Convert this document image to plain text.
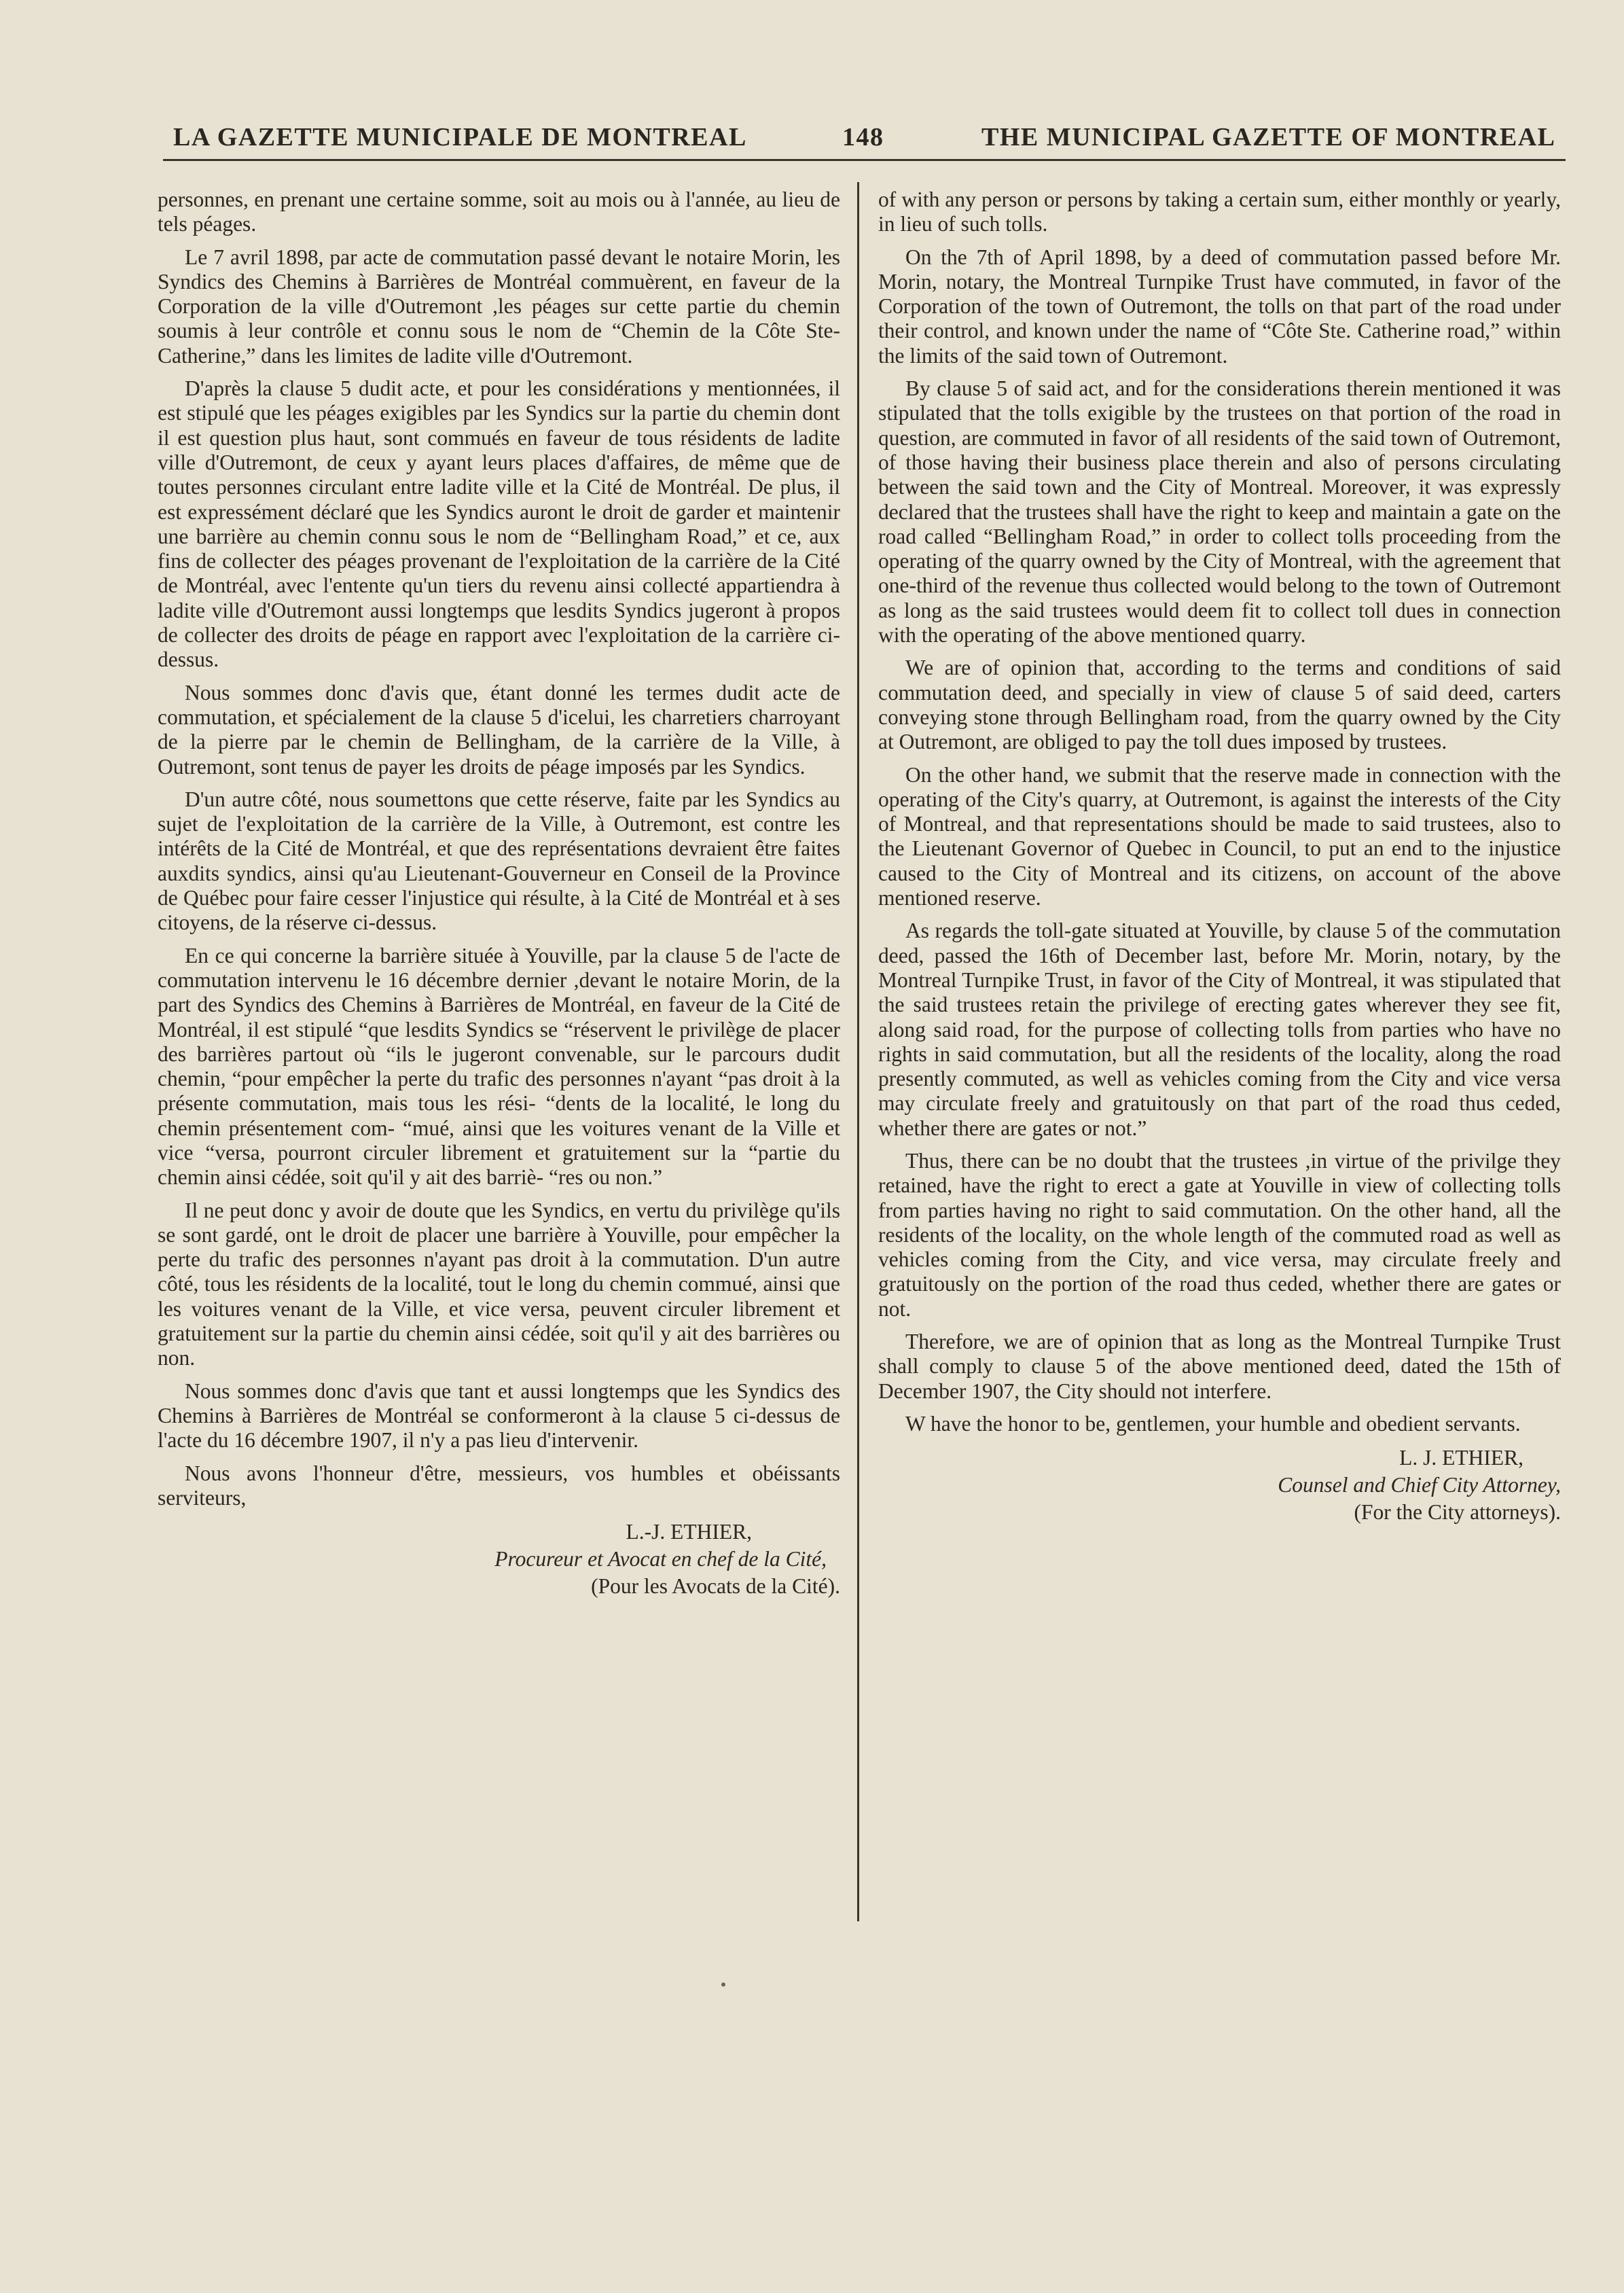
LA GAZETTE MUNICIPALE DE MONTREAL	148	THE MUNICIPAL GAZETTE OF MONTREAL

personnes, en prenant une certaine somme, soit au mois ou à l'année, au lieu de tels péages.

Le 7 avril 1898, par acte de commutation passé devant le notaire Morin, les Syndics des Chemins à Barrières de Montréal commuèrent, en faveur de la Corporation de la ville d'Outremont ,les péages sur cette partie du chemin soumis à leur contrôle et connu sous le nom de “Chemin de la Côte Ste-Catherine,” dans les limites de ladite ville d'Outremont.

D'après la clause 5 dudit acte, et pour les considérations y mentionnées, il est stipulé que les péages exigibles par les Syndics sur la partie du chemin dont il est question plus haut, sont commués en faveur de tous résidents de ladite ville d'Outremont, de ceux y ayant leurs places d'affaires, de même que de toutes personnes circulant entre ladite ville et la Cité de Montréal. De plus, il est expressément déclaré que les Syndics auront le droit de garder et maintenir une barrière au chemin connu sous le nom de “Bellingham Road,” et ce, aux fins de collecter des péages provenant de l'exploitation de la carrière de la Cité de Montréal, avec l'entente qu'un tiers du revenu ainsi collecté appartiendra à ladite ville d'Outremont aussi longtemps que lesdits Syndics jugeront à propos de collecter des droits de péage en rapport avec l'exploitation de la carrière ci-dessus.

Nous sommes donc d'avis que, étant donné les termes dudit acte de commutation, et spécialement de la clause 5 d'icelui, les charretiers charroyant de la pierre par le chemin de Bellingham, de la carrière de la Ville, à Outremont, sont tenus de payer les droits de péage imposés par les Syndics.

D'un autre côté, nous soumettons que cette réserve, faite par les Syndics au sujet de l'exploitation de la carrière de la Ville, à Outremont, est contre les intérêts de la Cité de Montréal, et que des représentations devraient être faites auxdits syndics, ainsi qu'au Lieutenant-Gouverneur en Conseil de la Province de Québec pour faire cesser l'injustice qui résulte, à la Cité de Montréal et à ses citoyens, de la réserve ci-dessus.

En ce qui concerne la barrière située à Youville, par la clause 5 de l'acte de commutation intervenu le 16 décembre dernier ,devant le notaire Morin, de la part des Syndics des Chemins à Barrières de Montréal, en faveur de la Cité de Montréal, il est stipulé “que lesdits Syndics se “réservent le privilège de placer des barrières partout où “ils le jugeront convenable, sur le parcours dudit chemin, “pour empêcher la perte du trafic des personnes n'ayant “pas droit à la présente commutation, mais tous les rési- “dents de la localité, le long du chemin présentement com- “mué, ainsi que les voitures venant de la Ville et vice “versa, pourront circuler librement et gratuitement sur la “partie du chemin ainsi cédée, soit qu'il y ait des barriè- “res ou non.”

Il ne peut donc y avoir de doute que les Syndics, en vertu du privilège qu'ils se sont gardé, ont le droit de placer une barrière à Youville, pour empêcher la perte du trafic des personnes n'ayant pas droit à la commutation. D'un autre côté, tous les résidents de la localité, tout le long du chemin commué, ainsi que les voitures venant de la Ville, et vice versa, peuvent circuler librement et gratuitement sur la partie du chemin ainsi cédée, soit qu'il y ait des barrières ou non.

Nous sommes donc d'avis que tant et aussi longtemps que les Syndics des Chemins à Barrières de Montréal se conformeront à la clause 5 ci-dessus de l'acte du 16 décembre 1907, il n'y a pas lieu d'intervenir.

Nous avons l'honneur d'être, messieurs, vos humbles et obéissants serviteurs,

L.-J. ETHIER,
Procureur et Avocat en chef de la Cité,
(Pour les Avocats de la Cité).

of with any person or persons by taking a certain sum, either monthly or yearly, in lieu of such tolls.

On the 7th of April 1898, by a deed of commutation passed before Mr. Morin, notary, the Montreal Turnpike Trust have commuted, in favor of the Corporation of the town of Outremont, the tolls on that part of the road under their control, and known under the name of “Côte Ste. Catherine road,” within the limits of the said town of Outremont.

By clause 5 of said act, and for the considerations therein mentioned it was stipulated that the tolls exigible by the trustees on that portion of the road in question, are commuted in favor of all residents of the said town of Outremont, of those having their business place therein and also of persons circulating between the said town and the City of Montreal. Moreover, it was expressly declared that the trustees shall have the right to keep and maintain a gate on the road called “Bellingham Road,” in order to collect tolls proceeding from the operating of the quarry owned by the City of Montreal, with the agreement that one-third of the revenue thus collected would belong to the town of Outremont as long as the said trustees would deem fit to collect toll dues in connection with the operating of the above mentioned quarry.

We are of opinion that, according to the terms and conditions of said commutation deed, and specially in view of clause 5 of said deed, carters conveying stone through Bellingham road, from the quarry owned by the City at Outremont, are obliged to pay the toll dues imposed by trustees.

On the other hand, we submit that the reserve made in connection with the operating of the City's quarry, at Outremont, is against the interests of the City of Montreal, and that representations should be made to said trustees, also to the Lieutenant Governor of Quebec in Council, to put an end to the injustice caused to the City of Montreal and its citizens, on account of the above mentioned reserve.

As regards the toll-gate situated at Youville, by clause 5 of the commutation deed, passed the 16th of December last, before Mr. Morin, notary, by the Montreal Turnpike Trust, in favor of the City of Montreal, it was stipulated that the said trustees retain the privilege of erecting gates wherever they see fit, along said road, for the purpose of collecting tolls from parties who have no rights in said commutation, but all the residents of the locality, along the road presently commuted, as well as vehicles coming from the City and vice versa may circulate freely and gratuitously on that part of the road thus ceded, whether there are gates or not.”

Thus, there can be no doubt that the trustees ,in virtue of the privilge they retained, have the right to erect a gate at Youville in view of collecting tolls from parties having no right to said commutation. On the other hand, all the residents of the locality, on the whole length of the commuted road as well as vehicles coming from the City, and vice versa, may circulate freely and gratuitously on the portion of the road thus ceded, whether there are gates or not.

Therefore, we are of opinion that as long as the Montreal Turnpike Trust shall comply to clause 5 of the above mentioned deed, dated the 15th of December 1907, the City should not interfere.

W have the honor to be, gentlemen, your humble and obedient servants.

L. J. ETHIER,
Counsel and Chief City Attorney,
(For the City attorneys).
